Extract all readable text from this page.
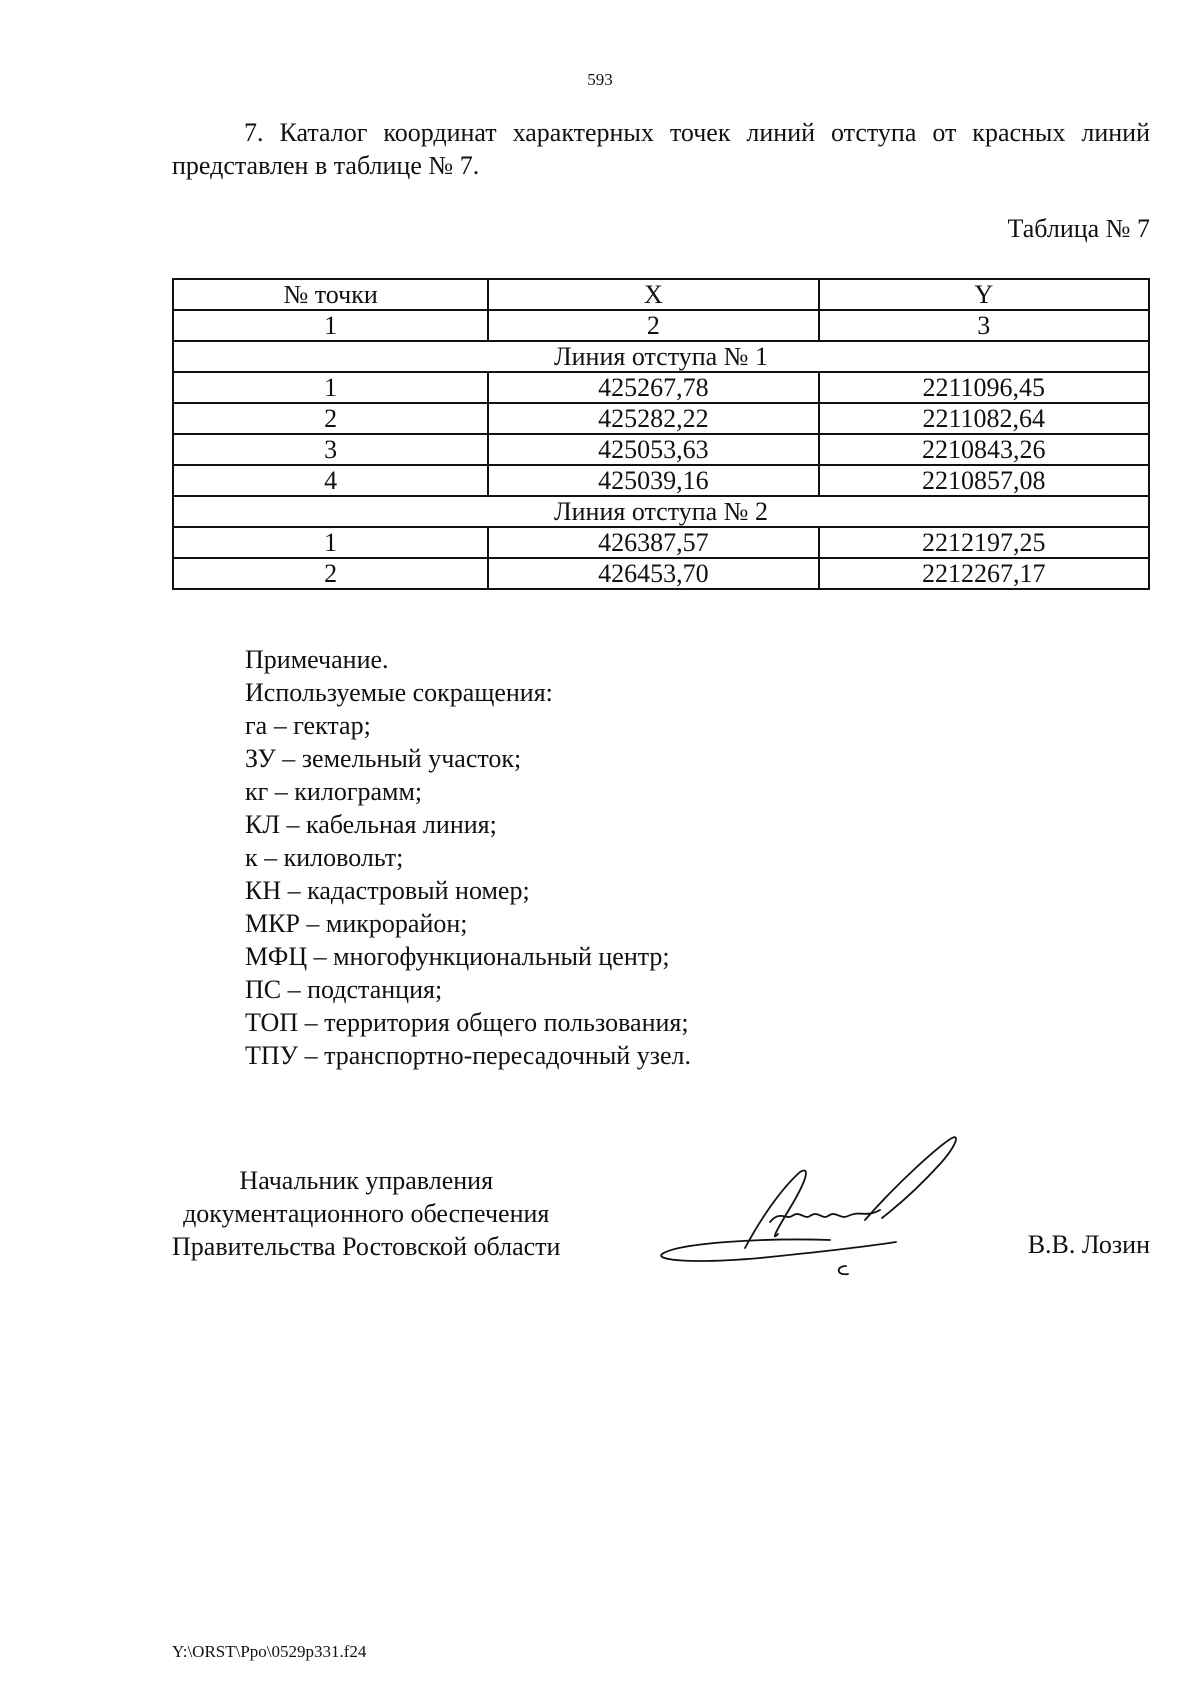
593

7. Каталог координат характерных точек линий отступа от красных линий представлен в таблице № 7.

Таблица № 7
№ точки	X	Y
1	2	3
Линия отступа № 1		
1	425267,78	2211096,45
2	425282,22	2211082,64
3	425053,63	2210843,26
4	425039,16	2210857,08
Линия отступа № 2		
1	426387,57	2212197,25
2	426453,70	2212267,17
Примечание.
Используемые сокращения:
га – гектар;
ЗУ – земельный участок;
кг – килограмм;
КЛ – кабельная линия;
к – киловольт;
КН – кадастровый номер;
МКР – микрорайон;
МФЦ – многофункциональный центр;
ПС – подстанция;
ТОП – территория общего пользования;
ТПУ – транспортно-пересадочный узел.
Начальник управления
документационного обеспечения
Правительства Ростовской области	В.В. Лозин
Y:\ORST\Ppo\0529p331.f24
